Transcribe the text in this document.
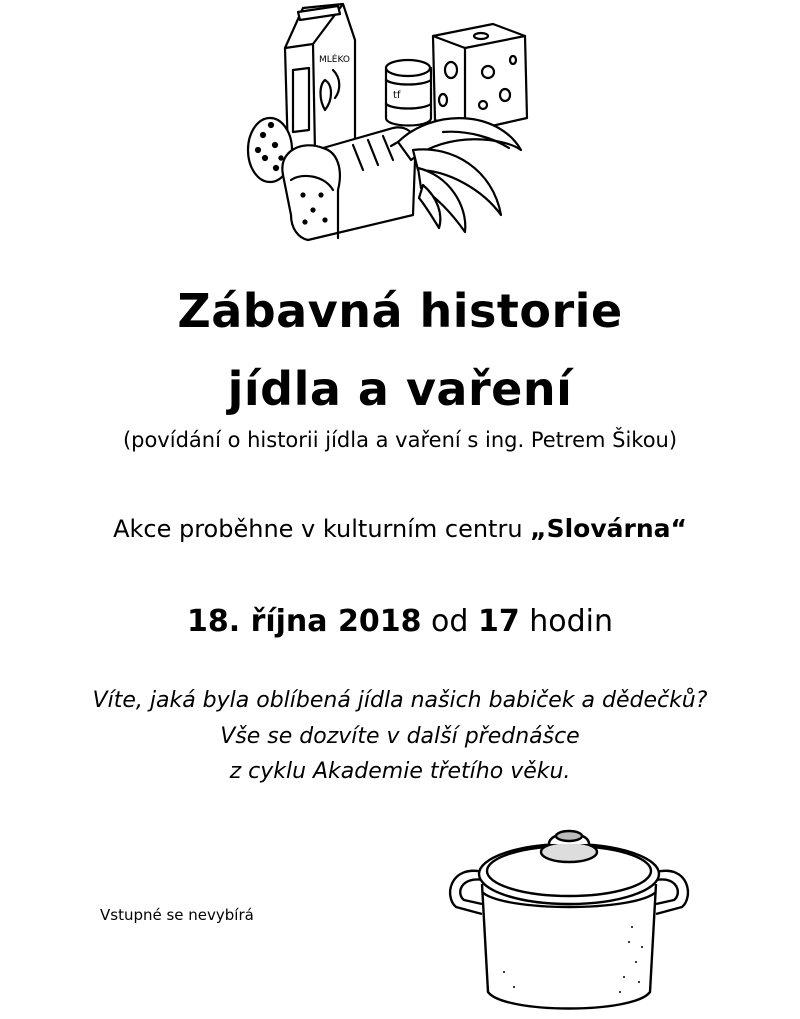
MLÉKO
tf
Zábavná historie
jídla a vaření
(povídání o historii jídla a vaření s ing. Petrem Šikou)
Akce proběhne v kulturním centru „Slovárna“
18. října 2018 od 17 hodin
Víte, jaká byla oblíbená jídla našich babiček a dědečků?
Vše se dozvíte v další přednášce
z cyklu Akademie třetího věku.
Vstupné se nevybírá
